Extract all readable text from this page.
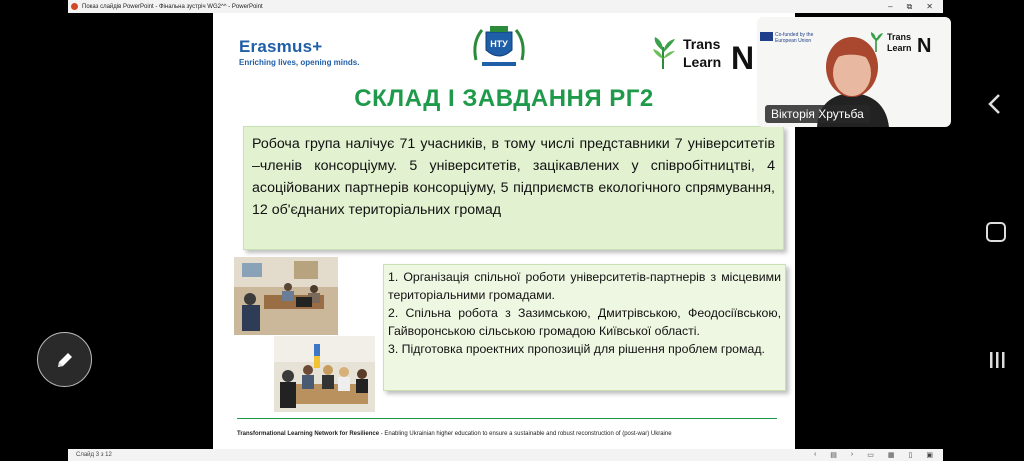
Показ слайдів PowerPoint - Фінальна зустріч WG2^^ - PowerPoint	– ⧉ ✕
Erasmus+
Enriching lives, opening minds.
НТУ	Trans
Learn N
СКЛАД І ЗАВДАННЯ РГ2
Робоча група налічує 71 учасників, в тому числі представники 7 університетів –членів консорціуму. 5 університетів, зацікавлених у співробітництві, 4 асоційованих партнерів консорціуму, 5 підприємств екологічного спрямування, 12 об'єднаних територіальних громад

1. Організація спільної роботи університетів-партнерів з місцевими територіальними громадами.

2. Спільна робота з Зазимською, Дмитрівською, Феодосіївською, Гайворонською сільською громадою Київської області.

3. Підготовка проектних пропозицій для рішення проблем громад.

Transformational Learning Network for Resilience - Enabling Ukrainian higher education to ensure a sustainable and robust reconstruction of (post-war) Ukraine
Co-funded by the European Union	Trans
Learn N
Вікторія Хрутьба
Слайд 3 з 12	‹ ▤ › ▭ ▦ ▯ ▣
